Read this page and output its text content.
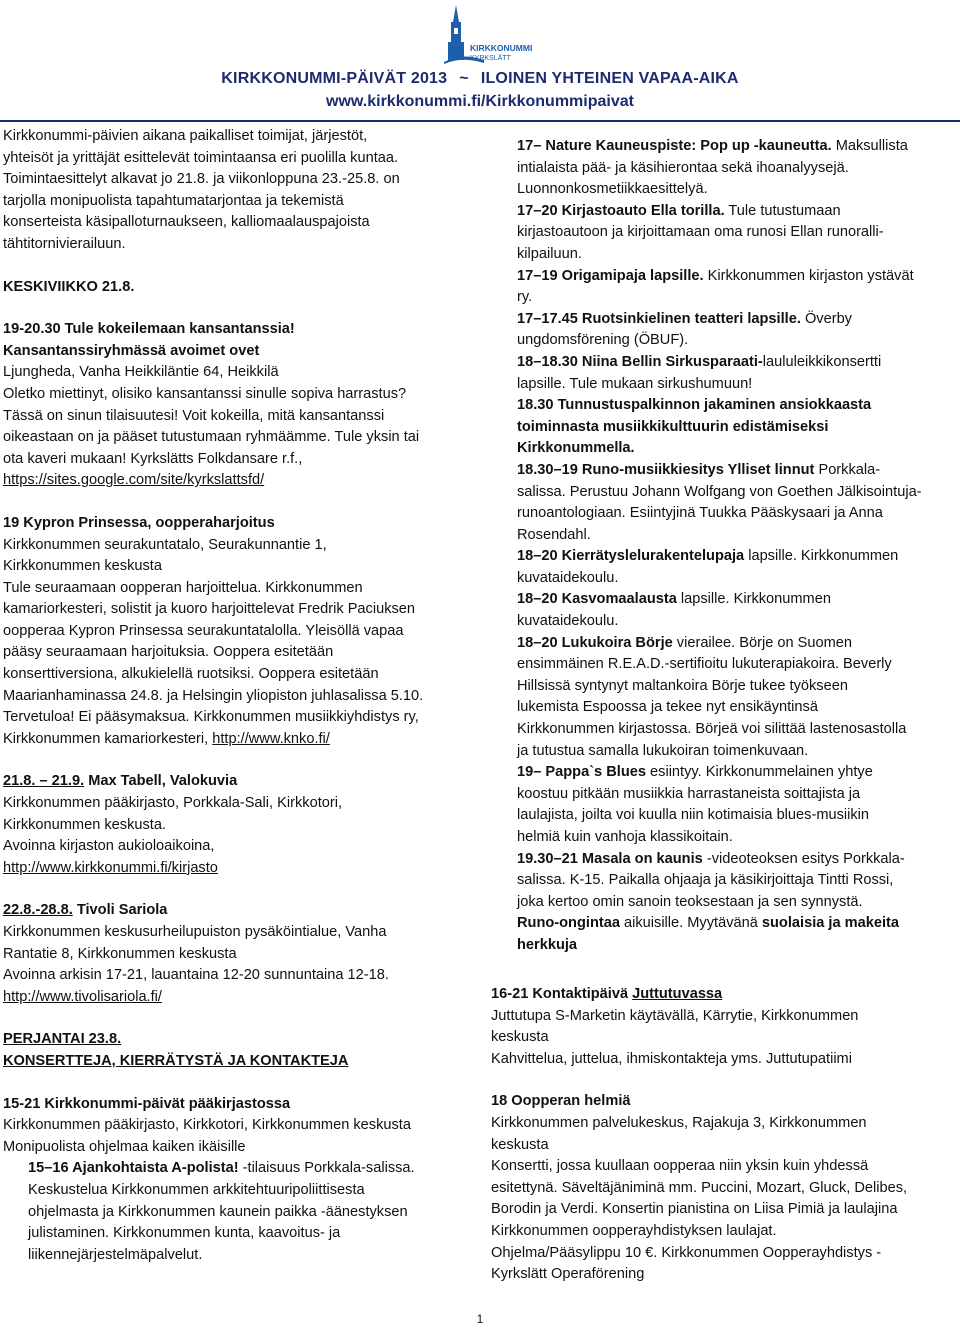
KIRKKONUMMI
KYRKSLÄTT
KIRKKONUMMI-PÄIVÄT 2013 ~ ILOINEN YHTEINEN VAPAA-AIKA
www.kirkkonummi.fi/Kirkkonummipaivat

Kirkkonummi-päivien aikana paikalliset toimijat, järjestöt,

yhteisöt ja yrittäjät esittelevät toimintaansa eri puolilla kuntaa.

Toimintaesittelyt alkavat jo 21.8. ja viikonloppuna 23.-25.8. on

tarjolla monipuolista tapahtumatarjontaa ja tekemistä

konserteista käsipalloturnaukseen, kalliomaalauspajoista

tähtitornivierailuun.

KESKIVIIKKO 21.8.

19-20.30 Tule kokeilemaan kansantanssia!

Kansantanssiryhmässä avoimet ovet

Ljungheda, Vanha Heikkiläntie 64, Heikkilä

Oletko miettinyt, olisiko kansantanssi sinulle sopiva harrastus?

Tässä on sinun tilaisuutesi! Voit kokeilla, mitä kansantanssi

oikeastaan on ja pääset tutustumaan ryhmäämme. Tule yksin tai

ota kaveri mukaan! Kyrkslätts Folkdansare r.f.,

https://sites.google.com/site/kyrkslattsfd/

19 Kypron Prinsessa, oopperaharjoitus

Kirkkonummen seurakuntatalo, Seurakunnantie 1,

Kirkkonummen keskusta

Tule seuraamaan oopperan harjoittelua. Kirkkonummen

kamariorkesteri, solistit ja kuoro harjoittelevat Fredrik Paciuksen

oopperaa Kypron Prinsessa seurakuntatalolla. Yleisöllä vapaa

pääsy seuraamaan harjoituksia. Ooppera esitetään

konserttiversiona, alkukielellä ruotsiksi. Ooppera esitetään

Maarianhaminassa 24.8. ja Helsingin yliopiston juhlasalissa 5.10.

Tervetuloa! Ei pääsymaksua. Kirkkonummen musiikkiyhdistys ry,

Kirkkonummen kamariorkesteri, http://www.knko.fi/

21.8. – 21.9. Max Tabell, Valokuvia

Kirkkonummen pääkirjasto, Porkkala-Sali, Kirkkotori,

Kirkkonummen keskusta.

Avoinna kirjaston aukioloaikoina,

http://www.kirkkonummi.fi/kirjasto

22.8.-28.8. Tivoli Sariola

Kirkkonummen keskusurheilupuiston pysäköintialue, Vanha

Rantatie 8, Kirkkonummen keskusta

Avoinna arkisin 17-21, lauantaina 12-20 sunnuntaina 12-18.

http://www.tivolisariola.fi/

PERJANTAI 23.8.

KONSERTTEJA, KIERRÄTYSTÄ JA KONTAKTEJA

15-21 Kirkkonummi-päivät pääkirjastossa

Kirkkonummen pääkirjasto, Kirkkotori, Kirkkonummen keskusta

Monipuolista ohjelmaa kaiken ikäisille

15–16 Ajankohtaista A-polista! -tilaisuus Porkkala-salissa.

Keskustelua Kirkkonummen arkkitehtuuripoliittisesta

ohjelmasta ja Kirkkonummen kaunein paikka -äänestyksen

julistaminen. Kirkkonummen kunta, kaavoitus- ja

liikennejärjestelmäpalvelut.

17– Nature Kauneuspiste: Pop up -kauneutta. Maksullista

intialaista pää- ja käsihierontaa sekä ihoanalyysejä.

Luonnonkosmetiikkaesittelyä.

17–20 Kirjastoauto Ella torilla. Tule tutustumaan

kirjastoautoon ja kirjoittamaan oma runosi Ellan runoralli-

kilpailuun.

17–19 Origamipaja lapsille. Kirkkonummen kirjaston ystävät

ry.

17–17.45 Ruotsinkielinen teatteri lapsille. Överby

ungdomsförening (ÖBUF).

18–18.30 Niina Bellin Sirkusparaati-laululeikkikonsertti

lapsille. Tule mukaan sirkushumuun!

18.30 Tunnustuspalkinnon jakaminen ansiokkaasta

toiminnasta musiikkikulttuurin edistämiseksi

Kirkkonummella.

18.30–19 Runo-musiikkiesitys Ylliset linnut Porkkala-

salissa. Perustuu Johann Wolfgang von Goethen Jälkisointuja-

runoantologiaan. Esiintyjinä Tuukka Pääskysaari ja Anna

Rosendahl.

18–20 Kierrätyslelurakentelupaja lapsille. Kirkkonummen

kuvataidekoulu.

18–20 Kasvomaalausta lapsille. Kirkkonummen

kuvataidekoulu.

18–20 Lukukoira Börje vierailee. Börje on Suomen

ensimmäinen R.E.A.D.-sertifioitu lukuterapiakoira. Beverly

Hillsissä syntynyt maltankoira Börje tukee työkseen

lukemista Espoossa ja tekee nyt ensikäyntinsä

Kirkkonummen kirjastossa. Börjeä voi silittää lastenosastolla

ja tutustua samalla lukukoiran toimenkuvaan.

19– Pappa`s Blues esiintyy. Kirkkonummelainen yhtye

koostuu pitkään musiikkia harrastaneista soittajista ja

laulajista, joilta voi kuulla niin kotimaisia blues-musiikin

helmiä kuin vanhoja klassikoitain.

19.30–21 Masala on kaunis -videoteoksen esitys Porkkala-

salissa. K-15. Paikalla ohjaaja ja käsikirjoittaja Tintti Rossi,

joka kertoo omin sanoin teoksestaan ja sen synnystä.

Runo-ongintaa aikuisille. Myytävänä suolaisia ja makeita

herkkuja

16-21 Kontaktipäivä Juttutuvassa

Juttutupa S-Marketin käytävällä, Kärrytie, Kirkkonummen

keskusta

Kahvittelua, juttelua, ihmiskontakteja yms. Juttutupatiimi

18 Oopperan helmiä

Kirkkonummen palvelukeskus, Rajakuja 3, Kirkkonummen

keskusta

Konsertti, jossa kuullaan oopperaa niin yksin kuin yhdessä

esitettynä. Säveltäjäniminä mm. Puccini, Mozart, Gluck, Delibes,

Borodin ja Verdi. Konsertin pianistina on Liisa Pimiä ja laulajina

Kirkkonummen oopperayhdistyksen laulajat.

Ohjelma/Pääsylippu 10 €. Kirkkonummen Oopperayhdistys -

Kyrkslätt Operaförening

1
